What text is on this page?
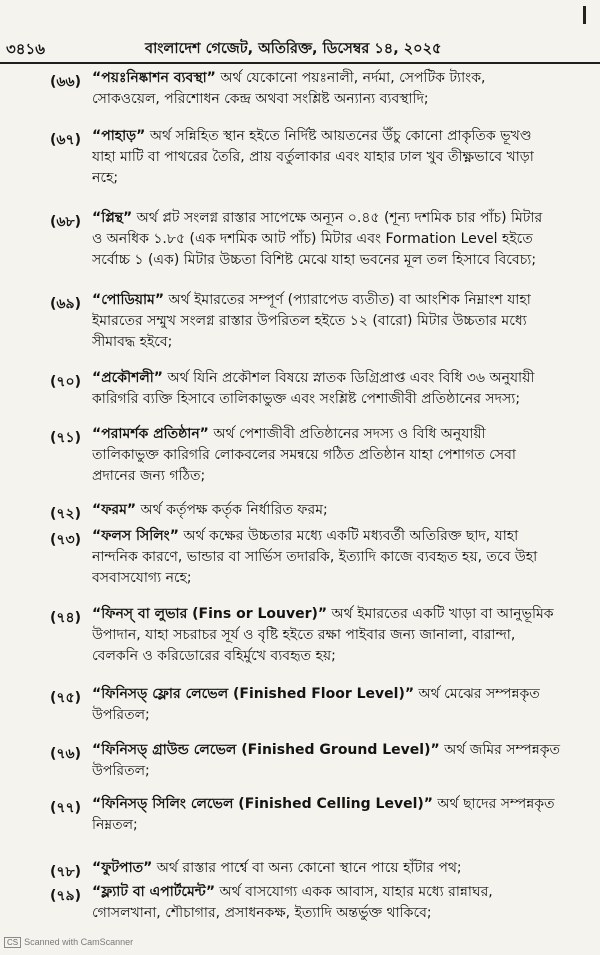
৩৪১৬	বাংলাদেশ গেজেট, অতিরিক্ত, ডিসেম্বর ১৪, ২০২৫
(৬৬) “পয়ঃনিষ্কাশন ব্যবস্থা” অর্থ যেকোনো পয়ঃনালী, নর্দমা, সেপটিক ট্যাংক,
সোকওয়েল, পরিশোধন কেন্দ্র অথবা সংশ্লিষ্ট অন্যান্য ব্যবস্থাদি;
(৬৭) “পাহাড়” অর্থ সন্নিহিত স্থান হইতে নির্দিষ্ট আয়তনের উঁচু কোনো প্রাকৃতিক ভূখণ্ড
যাহা মাটি বা পাথরের তৈরি, প্রায় বর্তুলাকার এবং যাহার ঢাল খুব তীক্ষ্ণভাবে খাড়া
নহে;
(৬৮) “প্লিন্থ” অর্থ প্লট সংলগ্ন রাস্তার সাপেক্ষে অন্যূন ০.৪৫ (শূন্য দশমিক চার পাঁচ) মিটার
ও অনধিক ১.৮৫ (এক দশমিক আট পাঁচ) মিটার এবং Formation Level হইতে
সর্বোচ্চ ১ (এক) মিটার উচ্চতা বিশিষ্ট মেঝে যাহা ভবনের মূল তল হিসাবে বিবেচ্য;
(৬৯) “পোডিয়াম” অর্থ ইমারতের সম্পূর্ণ (প্যারাপেড ব্যতীত) বা আংশিক নিম্নাংশ যাহা
ইমারতের সম্মুখ সংলগ্ন রাস্তার উপরিতল হইতে ১২ (বারো) মিটার উচ্চতার মধ্যে
সীমাবদ্ধ হইবে;
(৭০) “প্রকৌশলী” অর্থ যিনি প্রকৌশল বিষয়ে স্নাতক ডিগ্রিপ্রাপ্ত এবং বিধি ৩৬ অনুযায়ী
কারিগরি ব্যক্তি হিসাবে তালিকাভুক্ত এবং সংশ্লিষ্ট পেশাজীবী প্রতিষ্ঠানের সদস্য;
(৭১) “পরামর্শক প্রতিষ্ঠান” অর্থ পেশাজীবী প্রতিষ্ঠানের সদস্য ও বিধি অনুযায়ী
তালিকাভুক্ত কারিগরি লোকবলের সমন্বয়ে গঠিত প্রতিষ্ঠান যাহা পেশাগত সেবা
প্রদানের জন্য গঠিত;
(৭২) “ফরম” অর্থ কর্তৃপক্ষ কর্তৃক নির্ধারিত ফরম;
(৭৩) “ফলস সিলিং” অর্থ কক্ষের উচ্চতার মধ্যে একটি মধ্যবর্তী অতিরিক্ত ছাদ, যাহা
নান্দনিক কারণে, ভান্ডার বা সার্ভিস তদারকি, ইত্যাদি কাজে ব্যবহৃত হয়, তবে উহা
বসবাসযোগ্য নহে;
(৭৪) “ফিনস্ বা লুভার (Fins or Louver)” অর্থ ইমারতের একটি খাড়া বা আনুভূমিক
উপাদান, যাহা সচরাচর সূর্য ও বৃষ্টি হইতে রক্ষা পাইবার জন্য জানালা, বারান্দা,
বেলকনি ও করিডোরের বহির্মুখে ব্যবহৃত হয়;
(৭৫) “ফিনিসড্ ফ্লোর লেভেল (Finished Floor Level)” অর্থ মেঝের সম্পন্নকৃত
উপরিতল;
(৭৬) “ফিনিসড্ গ্রাউন্ড লেভেল (Finished Ground Level)” অর্থ জমির সম্পন্নকৃত
উপরিতল;
(৭৭) “ফিনিসড্ সিলিং লেভেল (Finished Celling Level)” অর্থ ছাদের সম্পন্নকৃত
নিম্নতল;
(৭৮) “ফুটপাত” অর্থ রাস্তার পার্শ্বে বা অন্য কোনো স্থানে পায়ে হাঁটার পথ;
(৭৯) “ফ্ল্যাট বা এপার্টমেন্ট” অর্থ বাসযোগ্য একক আবাস, যাহার মধ্যে রান্নাঘর,
গোসলখানা, শৌচাগার, প্রসাধনকক্ষ, ইত্যাদি অন্তর্ভুক্ত থাকিবে;
CS Scanned with CamScanner
